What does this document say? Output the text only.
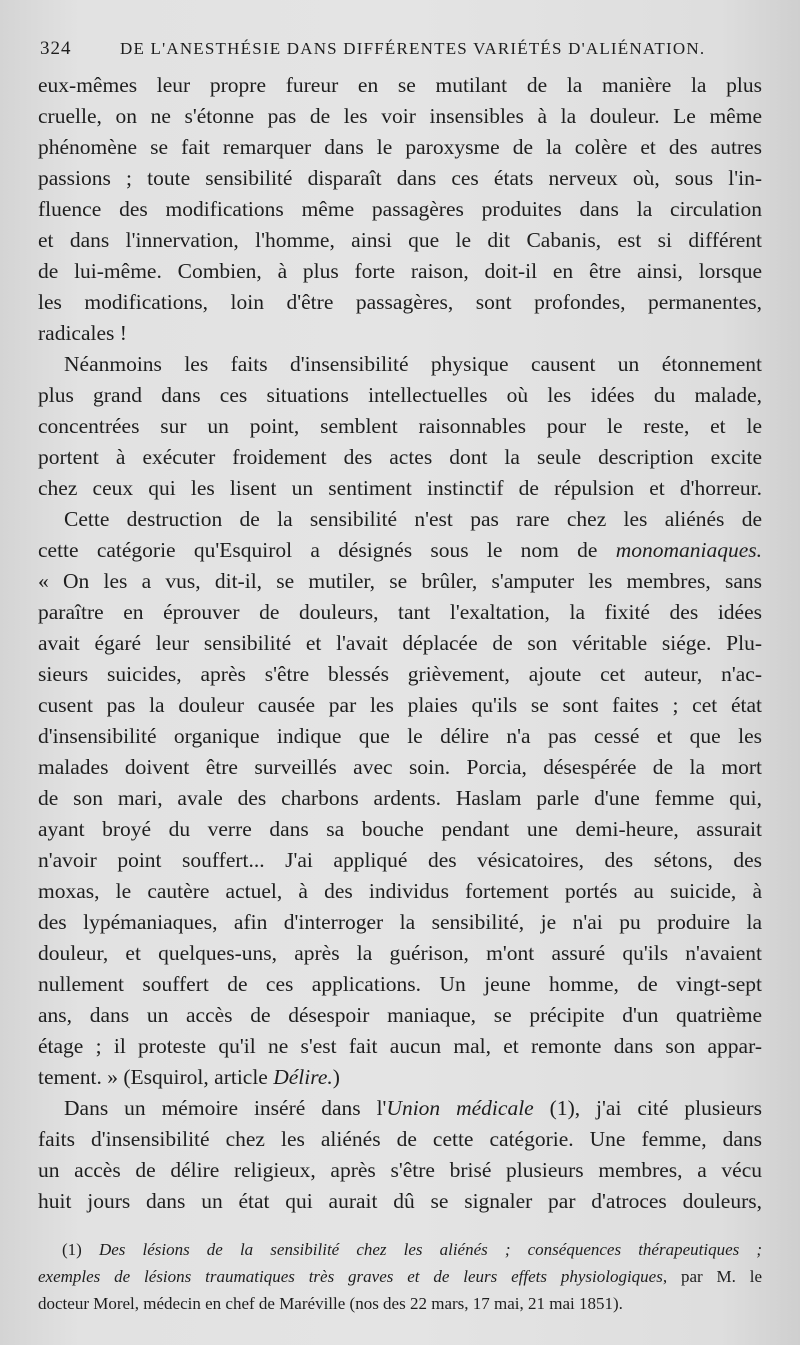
324	DE L'ANESTHÉSIE DANS DIFFÉRENTES VARIÉTÉS D'ALIÉNATION.
eux-mêmes leur propre fureur en se mutilant de la manière la plus
cruelle, on ne s'étonne pas de les voir insensibles à la douleur. Le même
phénomène se fait remarquer dans le paroxysme de la colère et des autres
passions ; toute sensibilité disparaît dans ces états nerveux où, sous l'in-
fluence des modifications même passagères produites dans la circulation
et dans l'innervation, l'homme, ainsi que le dit Cabanis, est si différent
de lui-même. Combien, à plus forte raison, doit-il en être ainsi, lorsque
les modifications, loin d'être passagères, sont profondes, permanentes,
radicales !
Néanmoins les faits d'insensibilité physique causent un étonnement
plus grand dans ces situations intellectuelles où les idées du malade,
concentrées sur un point, semblent raisonnables pour le reste, et le
portent à exécuter froidement des actes dont la seule description excite
chez ceux qui les lisent un sentiment instinctif de répulsion et d'horreur.
Cette destruction de la sensibilité n'est pas rare chez les aliénés de
cette catégorie qu'Esquirol a désignés sous le nom de monomaniaques.
« On les a vus, dit-il, se mutiler, se brûler, s'amputer les membres, sans
paraître en éprouver de douleurs, tant l'exaltation, la fixité des idées
avait égaré leur sensibilité et l'avait déplacée de son véritable siége. Plu-
sieurs suicides, après s'être blessés grièvement, ajoute cet auteur, n'ac-
cusent pas la douleur causée par les plaies qu'ils se sont faites ; cet état
d'insensibilité organique indique que le délire n'a pas cessé et que les
malades doivent être surveillés avec soin. Porcia, désespérée de la mort
de son mari, avale des charbons ardents. Haslam parle d'une femme qui,
ayant broyé du verre dans sa bouche pendant une demi-heure, assurait
n'avoir point souffert... J'ai appliqué des vésicatoires, des sétons, des
moxas, le cautère actuel, à des individus fortement portés au suicide, à
des lypémaniaques, afin d'interroger la sensibilité, je n'ai pu produire la
douleur, et quelques-uns, après la guérison, m'ont assuré qu'ils n'avaient
nullement souffert de ces applications. Un jeune homme, de vingt-sept
ans, dans un accès de désespoir maniaque, se précipite d'un quatrième
étage ; il proteste qu'il ne s'est fait aucun mal, et remonte dans son appar-
tement. » (Esquirol, article Délire.)
Dans un mémoire inséré dans l'Union médicale (1), j'ai cité plusieurs
faits d'insensibilité chez les aliénés de cette catégorie. Une femme, dans
un accès de délire religieux, après s'être brisé plusieurs membres, a vécu
huit jours dans un état qui aurait dû se signaler par d'atroces douleurs,
(1) Des lésions de la sensibilité chez les aliénés ; conséquences thérapeutiques ;
exemples de lésions traumatiques très graves et de leurs effets physiologiques, par M. le
docteur Morel, médecin en chef de Maréville (nos des 22 mars, 17 mai, 21 mai 1851).
